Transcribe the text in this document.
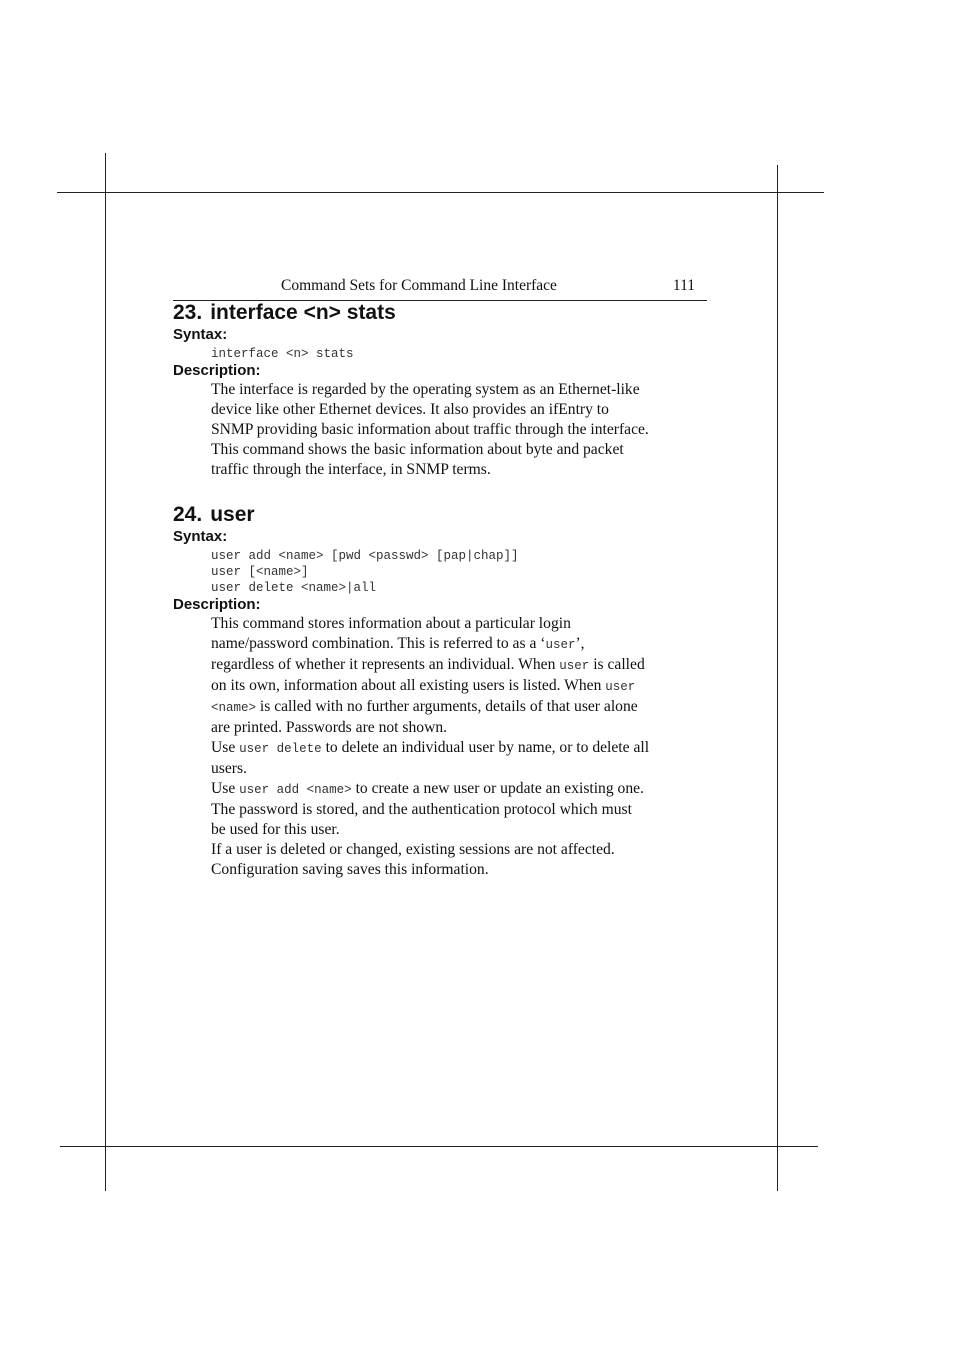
Command Sets for Command Line Interface	111
23. interface <n> stats
Syntax:
interface <n> stats
Description:
The interface is regarded by the operating system as an Ethernet-like
device like other Ethernet devices. It also provides an ifEntry to
SNMP providing basic information about traffic through the interface.
This command shows the basic information about byte and packet
traffic through the interface, in SNMP terms.
24. user
Syntax:
user add <name> [pwd <passwd> [pap|chap]]
user [<name>]
user delete <name>|all
Description:
This command stores information about a particular login
name/password combination. This is referred to as a ‘user’,
regardless of whether it represents an individual. When user is called
on its own, information about all existing users is listed. When user
<name> is called with no further arguments, details of that user alone
are printed. Passwords are not shown.
Use user delete to delete an individual user by name, or to delete all
users.
Use user add <name> to create a new user or update an existing one.
The password is stored, and the authentication protocol which must
be used for this user.
If a user is deleted or changed, existing sessions are not affected.
Configuration saving saves this information.
